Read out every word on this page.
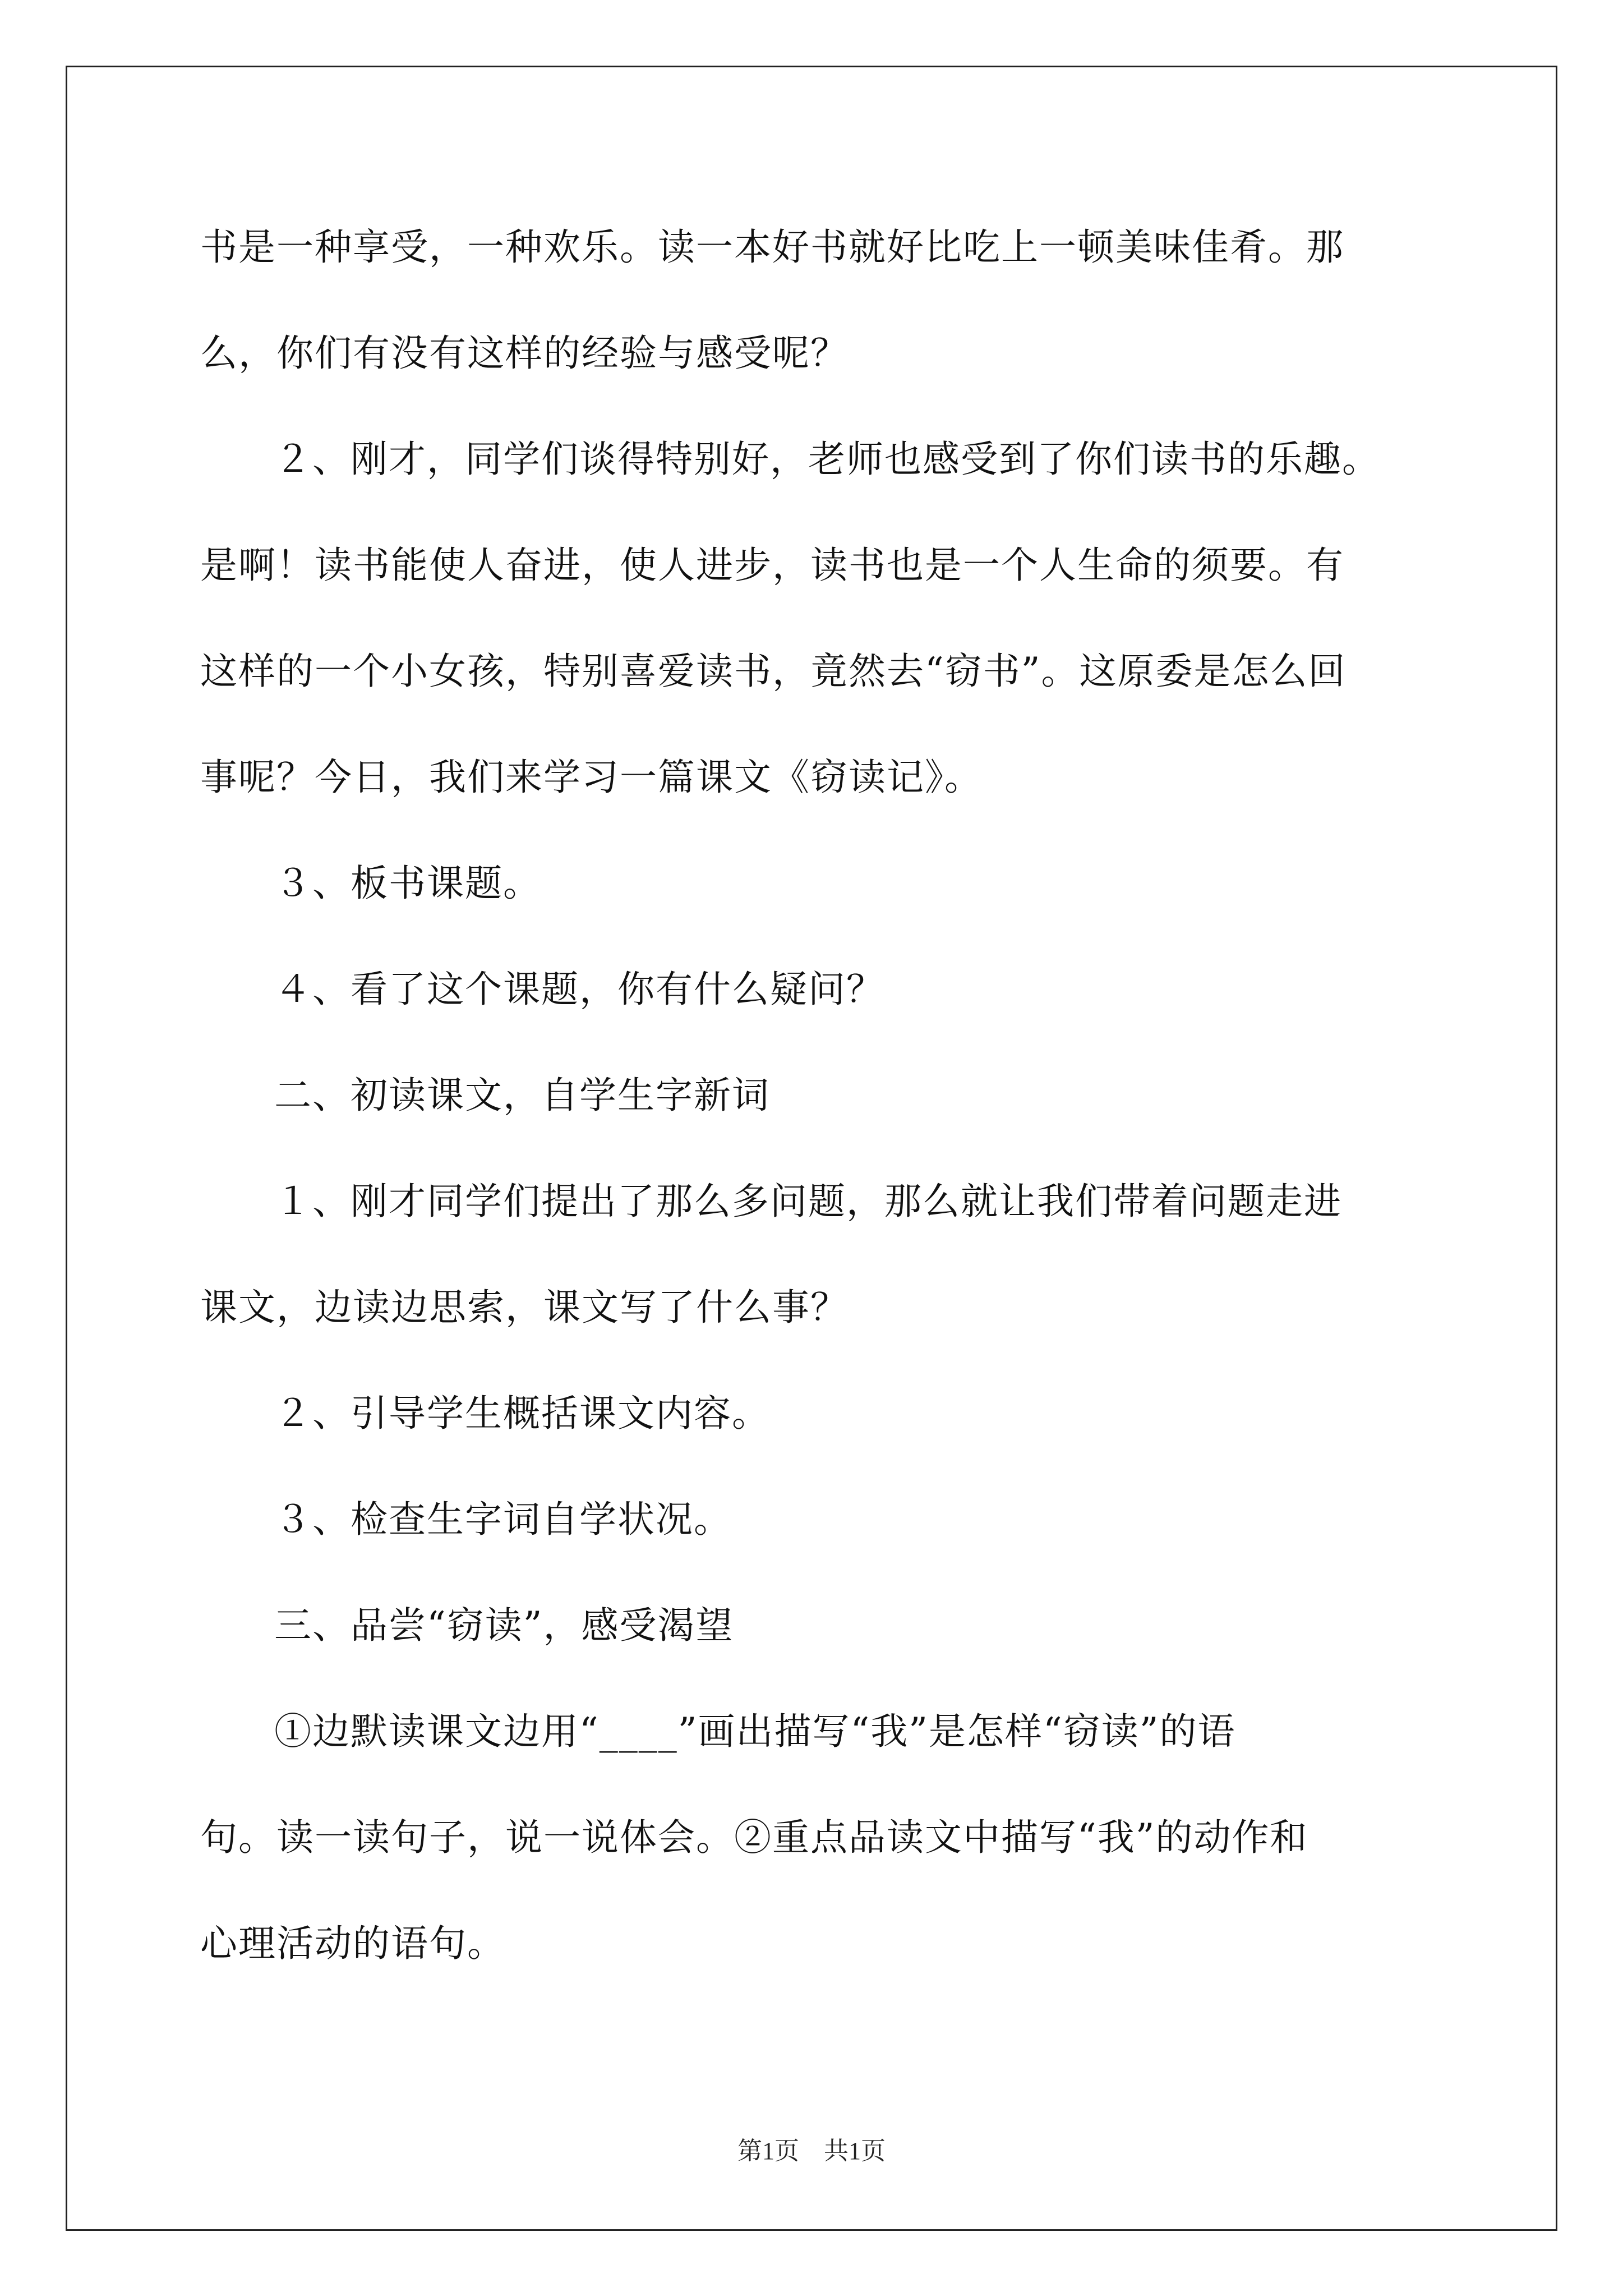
书是一种享受，一种欢乐。读一本好书就好比吃上一顿美味佳肴。那
么，你们有没有这样的经验与感受呢？
２、刚才，同学们谈得特别好，老师也感受到了你们读书的乐趣。
是啊！读书能使人奋进，使人进步，读书也是一个人生命的须要。有
这样的一个小女孩，特别喜爱读书，竟然去“窃书”。这原委是怎么回
事呢？今日，我们来学习一篇课文《窃读记》。
３、板书课题。
４、看了这个课题，你有什么疑问？
二、初读课文，自学生字新词
１、刚才同学们提出了那么多问题，那么就让我们带着问题走进
课文，边读边思索，课文写了什么事？
２、引导学生概括课文内容。
３、检查生字词自学状况。
三、品尝“窃读”，感受渴望
①边默读课文边用“____”画出描写“我”是怎样“窃读”的语
句。读一读句子，说一说体会。②重点品读文中描写“我”的动作和
心理活动的语句。
第1页　共1页
